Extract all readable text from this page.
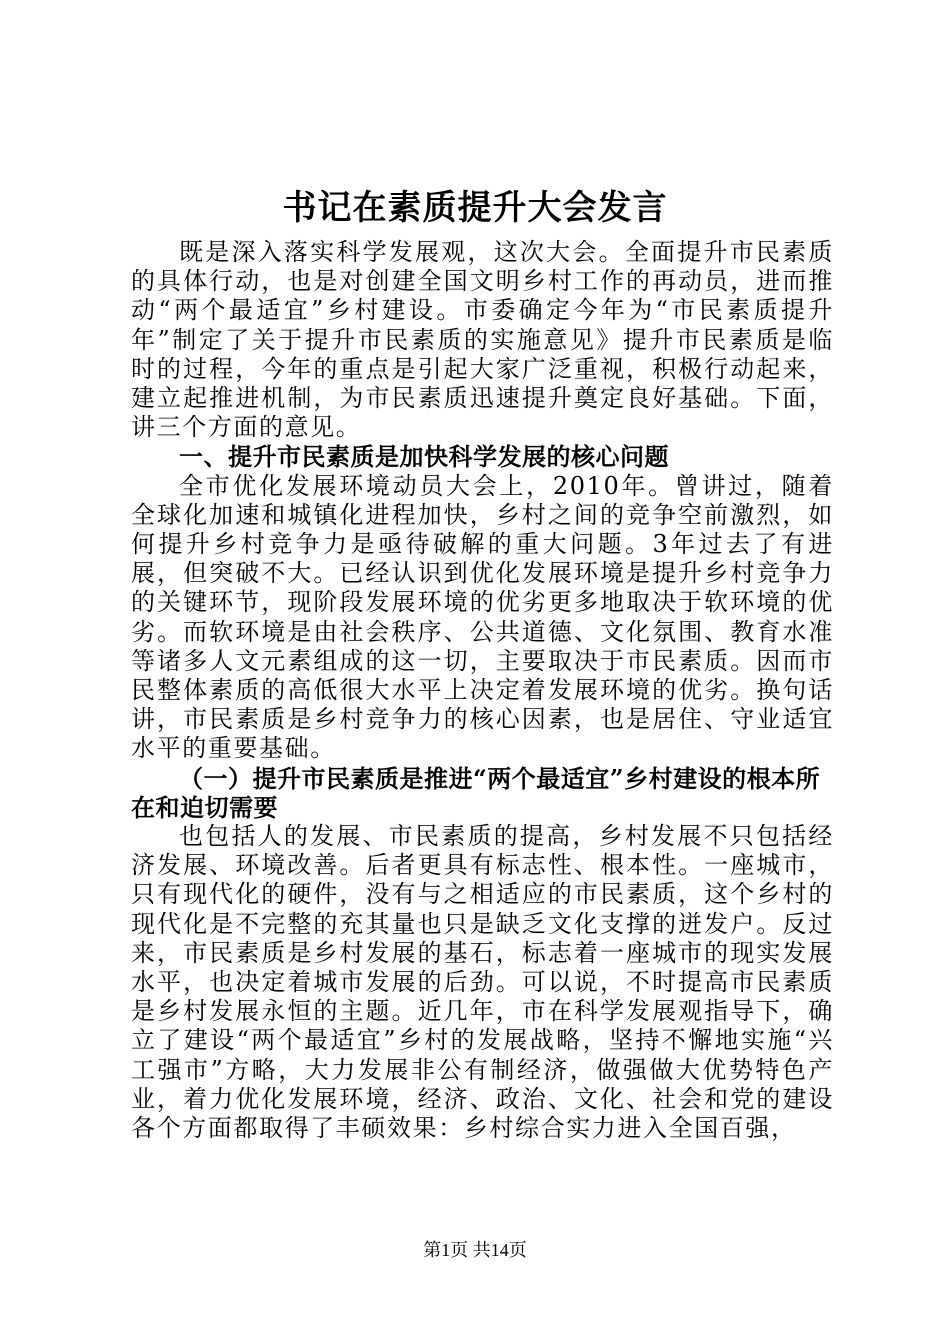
书记在素质提升大会发言

既是深入落实科学发展观，这次大会。全面提升市民素质的具体行动，也是对创建全国文明乡村工作的再动员，进而推动“两个最适宜”乡村建设。市委确定今年为“市民素质提升年”制定了关于提升市民素质的实施意见》提升市民素质是临时的过程，今年的重点是引起大家广泛重视，积极行动起来，建立起推进机制，为市民素质迅速提升奠定良好基础。下面，讲三个方面的意见。

一、提升市民素质是加快科学发展的核心问题

全市优化发展环境动员大会上，2010年。曾讲过，随着全球化加速和城镇化进程加快，乡村之间的竞争空前激烈，如何提升乡村竞争力是亟待破解的重大问题。3年过去了有进展，但突破不大。已经认识到优化发展环境是提升乡村竞争力的关键环节，现阶段发展环境的优劣更多地取决于软环境的优劣。而软环境是由社会秩序、公共道德、文化氛围、教育水准等诸多人文元素组成的这一切，主要取决于市民素质。因而市民整体素质的高低很大水平上决定着发展环境的优劣。换句话讲，市民素质是乡村竞争力的核心因素，也是居住、守业适宜水平的重要基础。

（一）提升市民素质是推进“两个最适宜”乡村建设的根本所在和迫切需要

也包括人的发展、市民素质的提高，乡村发展不只包括经济发展、环境改善。后者更具有标志性、根本性。一座城市，只有现代化的硬件，没有与之相适应的市民素质，这个乡村的现代化是不完整的充其量也只是缺乏文化支撑的迸发户。反过来，市民素质是乡村发展的基石，标志着一座城市的现实发展水平，也决定着城市发展的后劲。可以说，不时提高市民素质是乡村发展永恒的主题。近几年，市在科学发展观指导下，确立了建设“两个最适宜”乡村的发展战略，坚持不懈地实施“兴工强市”方略，大力发展非公有制经济，做强做大优势特色产业，着力优化发展环境，经济、政治、文化、社会和党的建设各个方面都取得了丰硕效果：乡村综合实力进入全国百强，

第1页 共14页
